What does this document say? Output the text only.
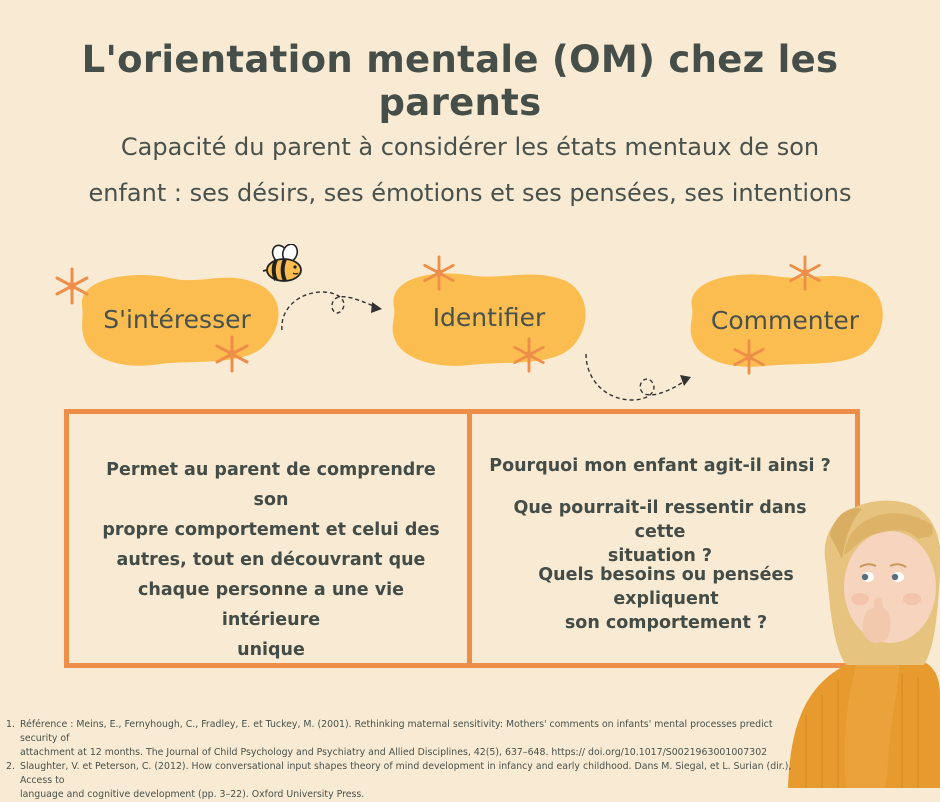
L'orientation mentale (OM) chez les parents
Capacité du parent à considérer les états mentaux de son
enfant : ses désirs, ses émotions et ses pensées, ses intentions
S'intéresser	Identifier	Commenter
Permet au parent de comprendre son
propre comportement et celui des
autres, tout en découvrant que
chaque personne a une vie intérieure
unique
Pourquoi mon enfant agit-il ainsi ?
Que pourrait-il ressentir dans cette
situation ?
Quels besoins ou pensées expliquent
son comportement ?
1. Référence : Meins, E., Fernyhough, C., Fradley, E. et Tuckey, M. (2001). Rethinking maternal sensitivity: Mothers' comments on infants' mental processes predict security of
attachment at 12 months. The Journal of Child Psychology and Psychiatry and Allied Disciplines, 42(5), 637–648. https:// doi.org/10.1017/S0021963001007302
2. Slaughter, V. et Peterson, C. (2012). How conversational input shapes theory of mind development in infancy and early childhood. Dans M. Siegal, et L. Surian (dir.), Access to
language and cognitive development (pp. 3–22). Oxford University Press.
